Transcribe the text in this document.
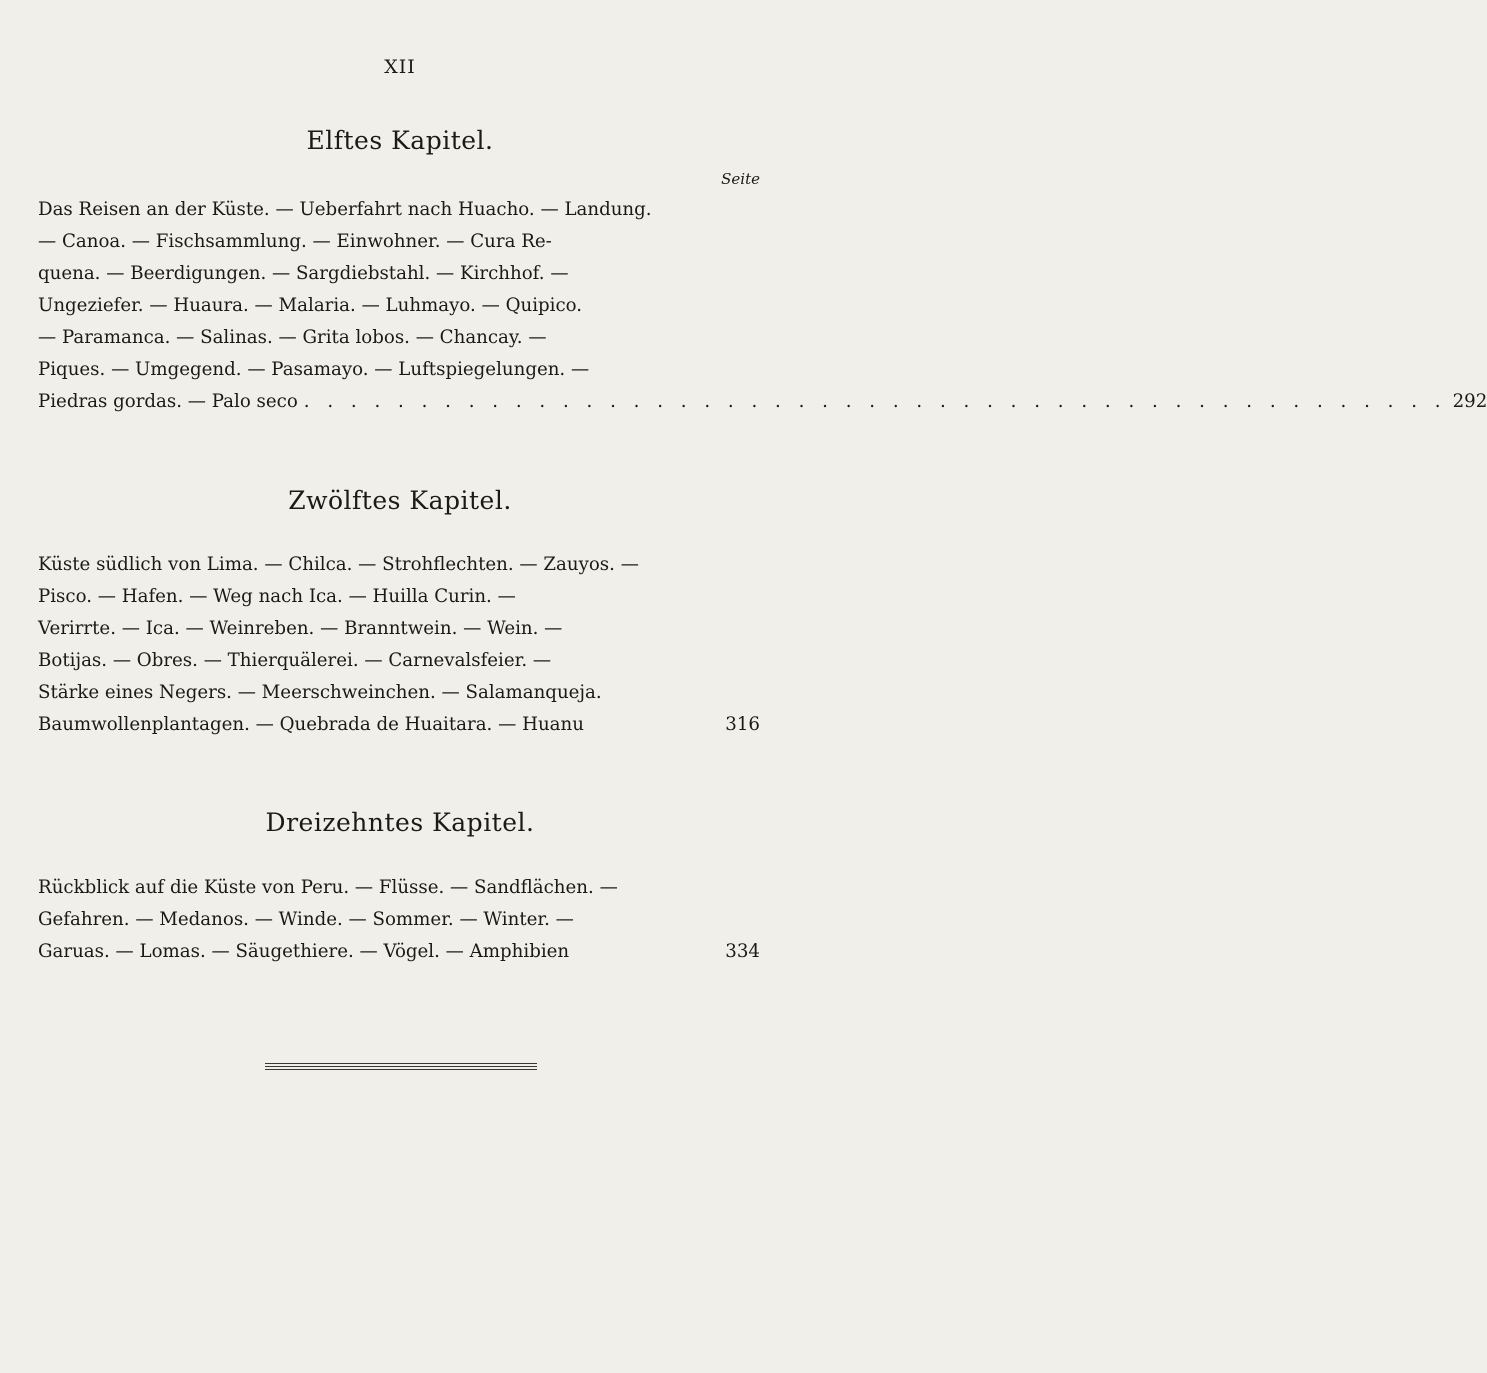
XII
Elftes Kapitel.
Seite
Das Reisen an der Küste. — Ueberfahrt nach Huacho. — Landung.
— Canoa. — Fischsammlung. — Einwohner. — Cura Re-
quena. — Beerdigungen. — Sargdiebstahl. — Kirchhof. —
Ungeziefer. — Huaura. — Malaria. — Luhmayo. — Quipico.
— Paramanca. — Salinas. — Grita lobos. — Chancay. —
Piques. — Umgegend. — Pasamayo. — Luftspiegelungen. —
Piedras gordas. — Palo seco . . .	292
Zwölftes Kapitel.
Küste südlich von Lima. — Chilca. — Strohflechten. — Zauyos. —
Pisco. — Hafen. — Weg nach Ica. — Huilla Curin. —
Verirrte. — Ica. — Weinreben. — Branntwein. — Wein. —
Botijas. — Obres. — Thierquälerei. — Carnevalsfeier. —
Stärke eines Negers. — Meerschweinchen. — Salamanqueja.
Baumwollenplantagen. — Quebrada de Huaitara. — Huanu	316
Dreizehntes Kapitel.
Rückblick auf die Küste von Peru. — Flüsse. — Sandflächen. —
Gefahren. — Medanos. — Winde. — Sommer. — Winter. —
Garuas. — Lomas. — Säugethiere. — Vögel. — Amphibien	334
